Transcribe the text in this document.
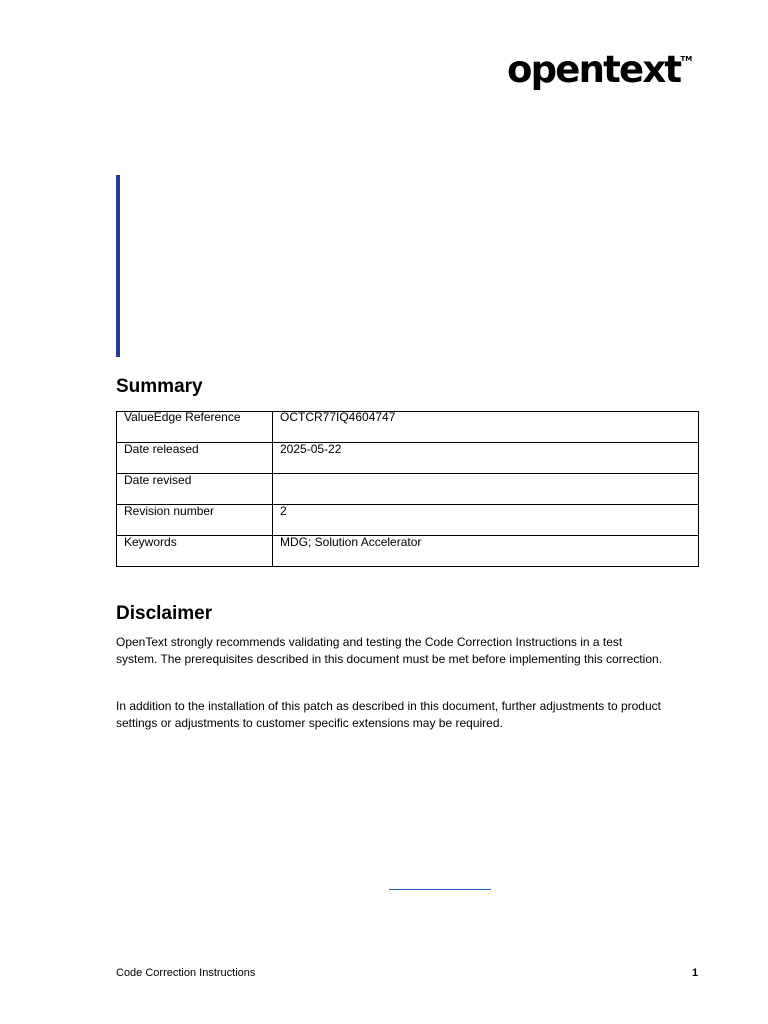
opentext TM
Summary
ValueEdge Reference	OCTCR77IQ4604747
Date released	2025-05-22
Date revised	
Revision number	2
Keywords	MDG; Solution Accelerator
Disclaimer

OpenText strongly recommends validating and testing the Code Correction Instructions in a test system. The prerequisites described in this document must be met before implementing this correction.

In addition to the installation of this patch as described in this document, further adjustments to product settings or adjustments to customer specific extensions may be required.

Code Correction Instructions	1
